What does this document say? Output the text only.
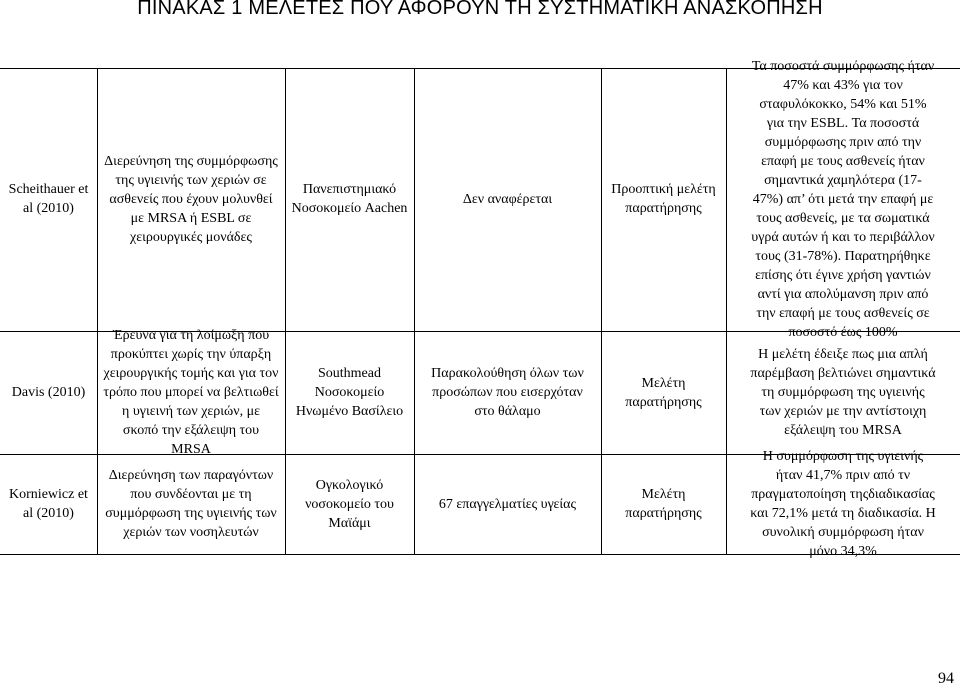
ΠΙΝΑΚΑΣ 1 ΜΕΛΕΤΕΣ ΠΟΥ ΑΦΟΡΟΥΝ ΤΗ ΣΥΣΤΗΜΑΤΙΚΗ ΑΝΑΣΚΟΠΗΣΗ
Scheithauer et
al (2010)
Διερεύνηση της συμμόρφωσης
της υγιεινής των χεριών σε
ασθενείς που έχουν μολυνθεί
με MRSA ή ESBL σε
χειρουργικές μονάδες
Πανεπιστημιακό
Νοσοκομείο Aachen
Δεν αναφέρεται
Προοπτική μελέτη
παρατήρησης
Τα ποσοστά συμμόρφωσης ήταν
47% και 43% για τον
σταφυλόκοκκο, 54% και 51%
για την ESBL. Τα ποσοστά
συμμόρφωσης πριν από την
επαφή με τους ασθενείς ήταν
σημαντικά χαμηλότερα (17-
47%) απ’ ότι μετά την επαφή με
τους ασθενείς, με τα σωματικά
υγρά αυτών ή και το περιβάλλον
τους (31-78%). Παρατηρήθηκε
επίσης ότι έγινε χρήση γαντιών
αντί για απολύμανση πριν από
την επαφή με τους ασθενείς σε
ποσοστό έως 100%
Davis (2010)
Έρευνα για τη λοίμωξη που
προκύπτει χωρίς την ύπαρξη
χειρουργικής τομής και για τον
τρόπο που μπορεί να βελτιωθεί
η υγιεινή των χεριών, με
σκοπό την εξάλειψη του
MRSA
Southmead
Νοσοκομείο
Ηνωμένο Βασίλειο
Παρακολούθηση όλων των
προσώπων που εισερχόταν
στο θάλαμο
Μελέτη
παρατήρησης
Η μελέτη έδειξε πως μια απλή
παρέμβαση βελτιώνει σημαντικά
τη συμμόρφωση της υγιεινής
των χεριών με την αντίστοιχη
εξάλειψη του MRSA
Korniewicz et
al (2010)
Διερεύνηση των παραγόντων
που συνδέονται με τη
συμμόρφωση της υγιεινής των
χεριών των νοσηλευτών
Ογκολογικό
νοσοκομείο του
Μαϊάμι
67 επαγγελματίες υγείας
Μελέτη
παρατήρησης
Η συμμόρφωση της υγιεινής
ήταν 41,7% πριν από τν
πραγματοποίηση τηςδιαδικασίας
και 72,1% μετά τη διαδικασία. Η
συνολική συμμόρφωση ήταν
μόνο 34,3%
94
